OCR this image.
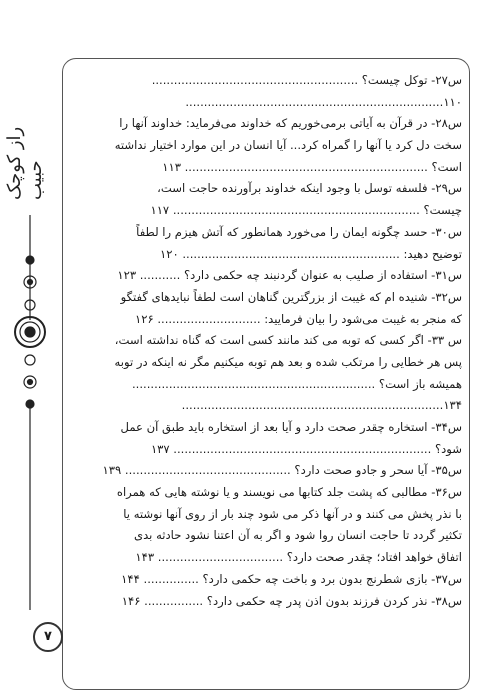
راز کوچک حبیب
۷
س۲۷- توکل چیست؟ ........................................................
۱۱۰......................................................................
س۲۸- در قرآن به آیاتی برمی‌خوریم که خداوند می‌فرماید: خداوند آنها را
سخت دل کرد یا آنها را گمراه کرد... آیا انسان در این موارد اختیار نداشته
است؟ .................................................................. ۱۱۳
س۲۹- فلسفه توسل با وجود اینکه خداوند برآورنده حاجت است،
چیست؟ ................................................................... ۱۱۷
س۳۰- حسد چگونه ایمان را می‌خورد همانطور که آتش هیزم را لطفاً
توضیح دهید: ........................................................... ۱۲۰
س۳۱- استفاده از صلیب به عنوان گردنبند چه حکمی دارد؟ ........... ۱۲۳
س۳۲- شنیده ام که غیبت از بزرگترین گناهان است لطفاً نبایدهای گفتگو
که منجر به غیبت می‌شود را بیان فرمایید: ............................ ۱۲۶
س ۳۳- اگر کسی که توبه می کند مانند کسی است که گناه نداشته است،
پس هر خطایی را مرتکب شده و بعد هم توبه میکنیم مگر نه اینکه در توبه
همیشه باز است؟ ..................................................................
۱۳۴.......................................................................
س۳۴- استخاره چقدر صحت دارد و آیا بعد از استخاره باید طبق آن عمل
شود؟ ...................................................................... ۱۳۷
س۳۵- آیا سحر و جادو صحت دارد؟ ............................................. ۱۳۹
س۳۶- مطالبی که پشت جلد کتابها می نویسند و یا نوشته هایی که همراه
با نذر پخش می کنند و در آنها ذکر می شود چند بار از روی آنها نوشته یا
تکثیر گردد تا حاجت انسان روا شود و اگر به آن اعتنا نشود حادثه بدی
اتفاق خواهد افتاد؛ چقدر صحت دارد؟ .................................. ۱۴۳
س۳۷- بازی شطرنج بدون برد و باخت چه حکمی دارد؟ ............... ۱۴۴
س۳۸- نذر کردن فرزند بدون اذن پدر چه حکمی دارد؟ ................ ۱۴۶
